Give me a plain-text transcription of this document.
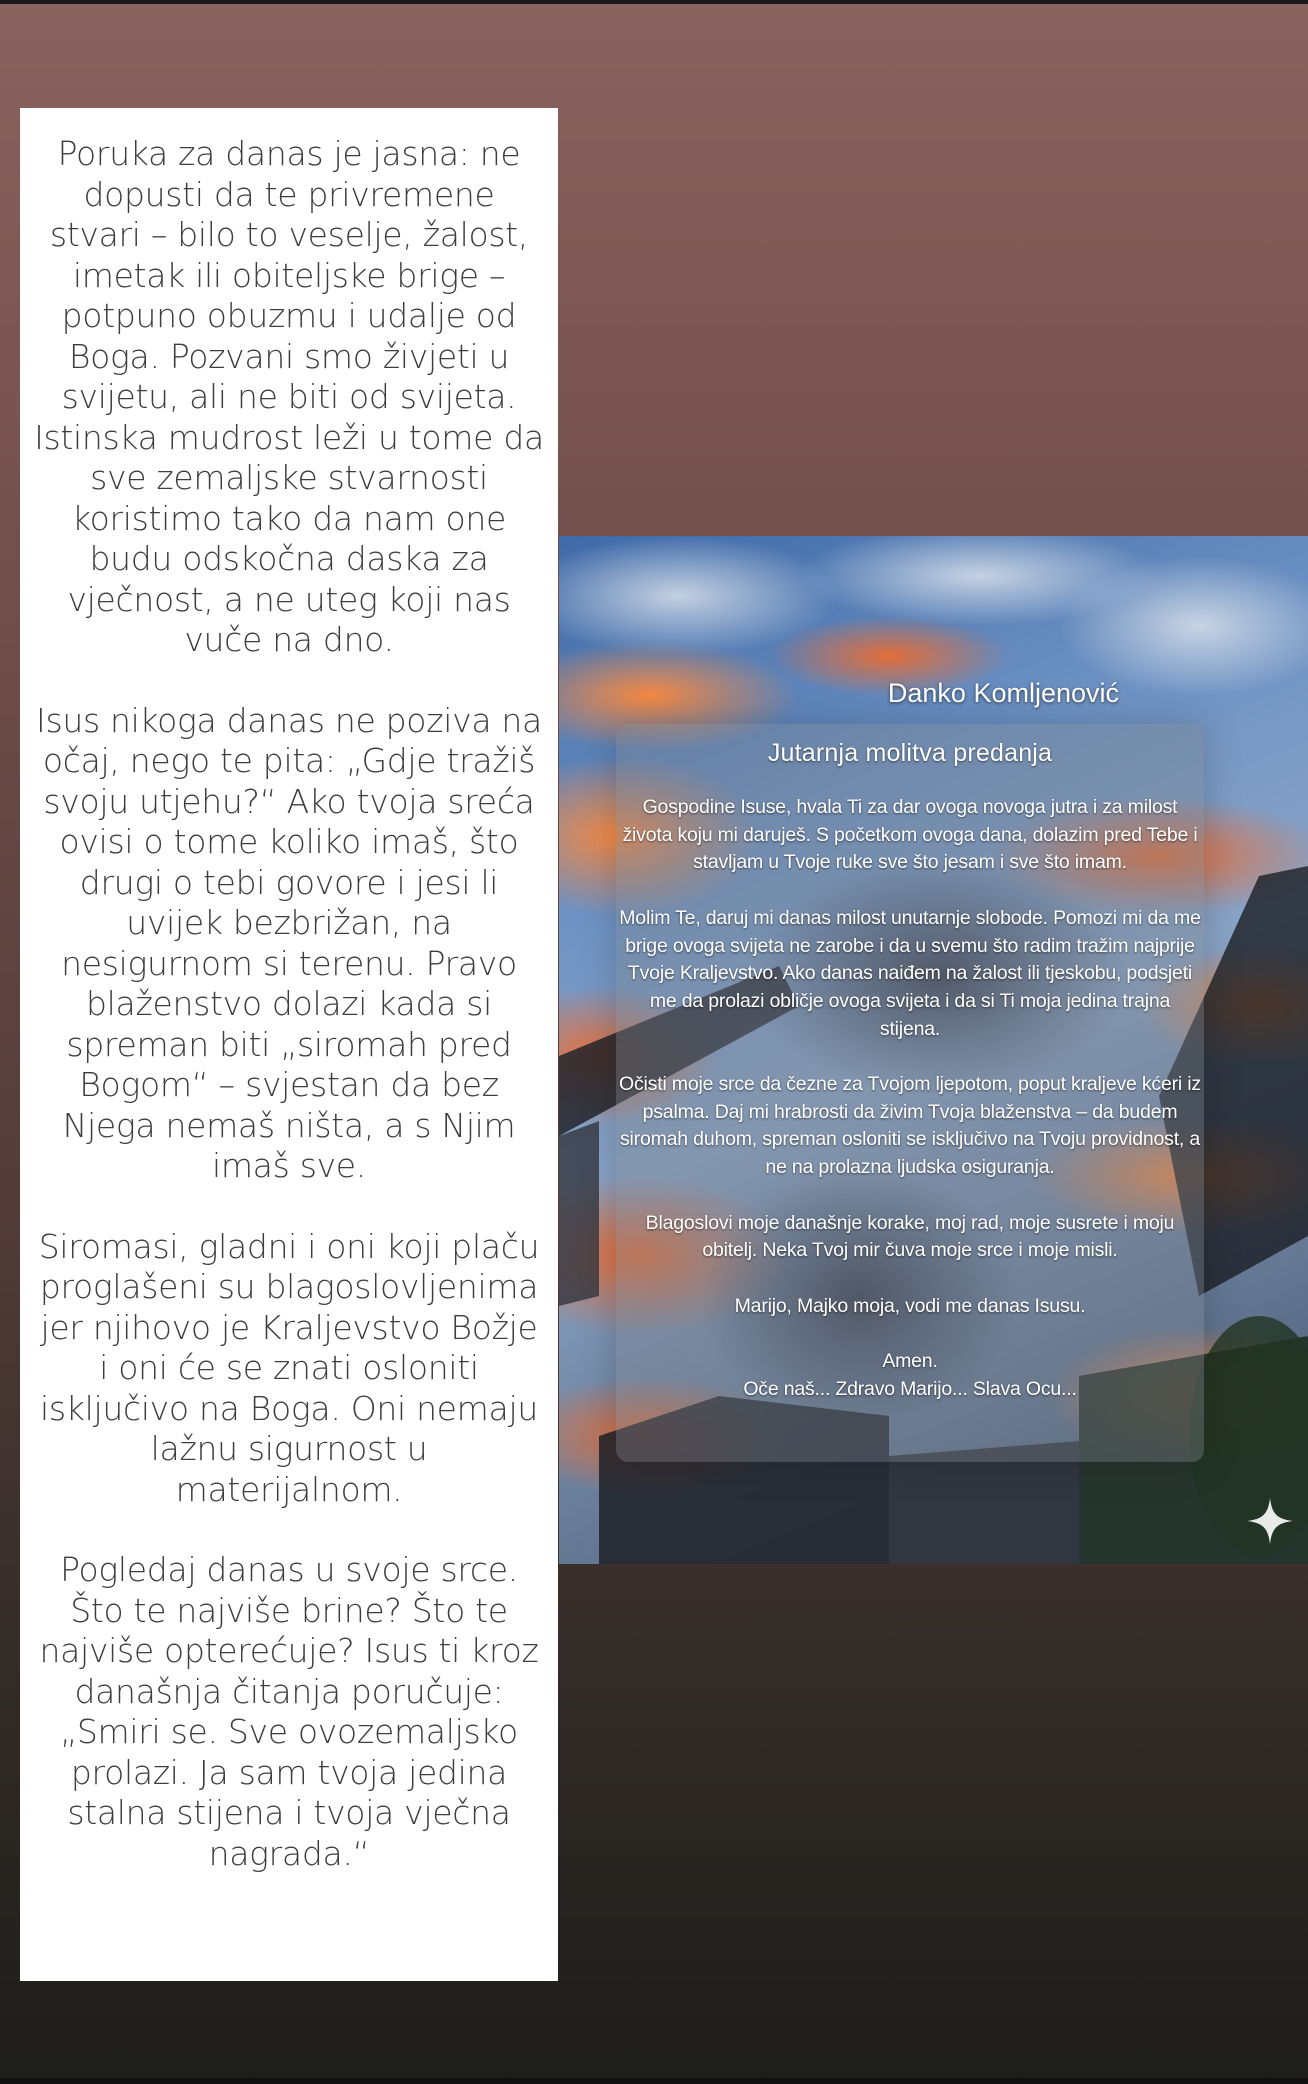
Poruka za danas je jasna: ne dopusti da te privremene stvari – bilo to veselje, žalost, imetak ili obiteljske brige – potpuno obuzmu i udalje od Boga. Pozvani smo živjeti u svijetu, ali ne biti od svijeta. Istinska mudrost leži u tome da sve zemaljske stvarnosti koristimo tako da nam one budu odskočna daska za vječnost, a ne uteg koji nas vuče na dno.

Isus nikoga danas ne poziva na očaj, nego te pita: „Gdje tražiš svoju utjehu?“ Ako tvoja sreća ovisi o tome koliko imaš, što drugi o tebi govore i jesi li uvijek bezbrižan, na nesigurnom si terenu. Pravo blaženstvo dolazi kada si spreman biti „siromah pred Bogom“ – svjestan da bez Njega nemaš ništa, a s Njim imaš sve.

Siromasi, gladni i oni koji plaču proglašeni su blagoslovljenima jer njihovo je Kraljevstvo Božje i oni će se znati osloniti isključivo na Boga. Oni nemaju lažnu sigurnost u materijalnom.

Pogledaj danas u svoje srce. Što te najviše brine? Što te najviše opterećuje? Isus ti kroz današnja čitanja poručuje: „Smiri se. Sve ovozemaljsko prolazi. Ja sam tvoja jedina stalna stijena i tvoja vječna nagrada.“

Danko Komljenović
Jutarnja molitva predanja

Gospodine Isuse, hvala Ti za dar ovoga novoga jutra i za milost života koju mi daruješ. S početkom ovoga dana, dolazim pred Tebe i stavljam u Tvoje ruke sve što jesam i sve što imam.

Molim Te, daruj mi danas milost unutarnje slobode. Pomozi mi da me brige ovoga svijeta ne zarobe i da u svemu što radim tražim najprije Tvoje Kraljevstvo. Ako danas naiđem na žalost ili tjeskobu, podsjeti me da prolazi obličje ovoga svijeta i da si Ti moja jedina trajna stijena.

Očisti moje srce da čezne za Tvojom ljepotom, poput kraljeve kćeri iz psalma. Daj mi hrabrosti da živim Tvoja blaženstva – da budem siromah duhom, spreman osloniti se isključivo na Tvoju providnost, a ne na prolazna ljudska osiguranja.

Blagoslovi moje današnje korake, moj rad, moje susrete i moju obitelj. Neka Tvoj mir čuva moje srce i moje misli.

Marijo, Majko moja, vodi me danas Isusu.

Amen.
Oče naš... Zdravo Marijo... Slava Ocu...
